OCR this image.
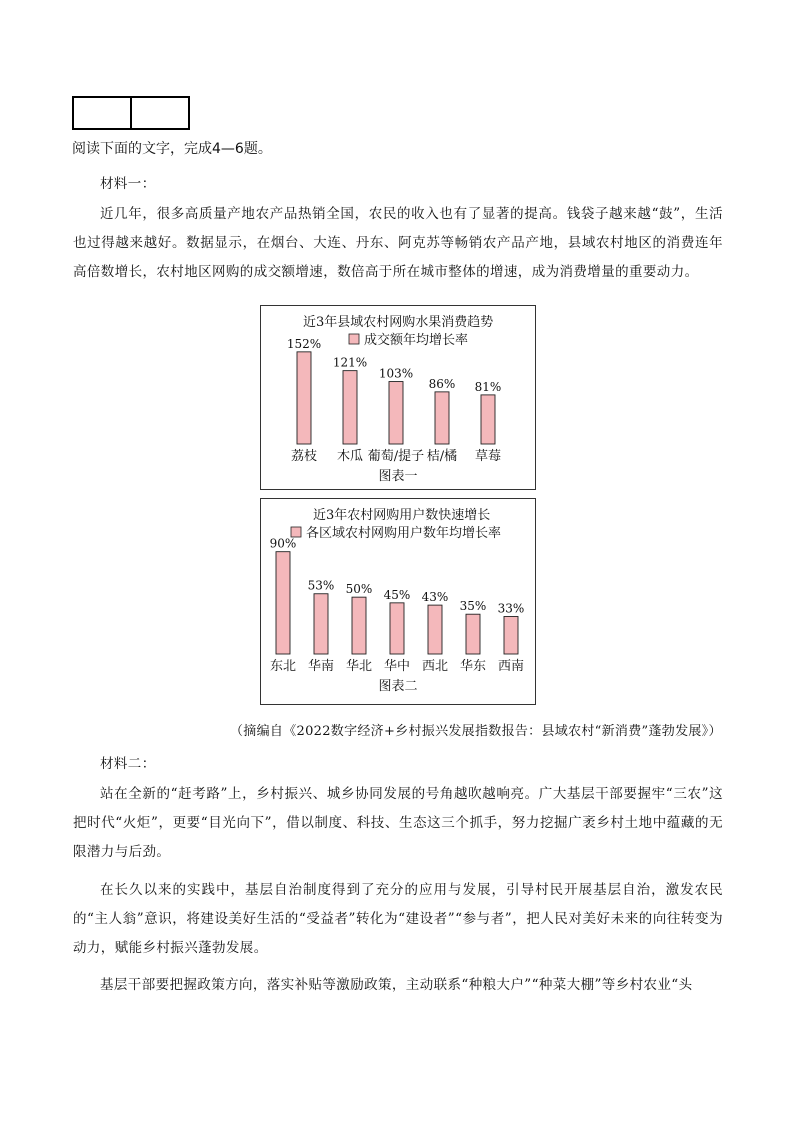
阅读下面的文字，完成4—6题。
材料一：
近几年，很多高质量产地农产品热销全国，农民的收入也有了显著的提高。钱袋子越来越“鼓”，生活也过得越来越好。数据显示，在烟台、大连、丹东、阿克苏等畅销农产品产地，县域农村地区的消费连年高倍数增长，农村地区网购的成交额增速，数倍高于所在城市整体的增速，成为消费增量的重要动力。
近3年县域农村网购水果消费趋势
成交额年均增长率
152%
荔枝
121%
木瓜
103%
葡萄/提子
86%
桔/橘
81%
草莓
图表一
近3年农村网购用户数快速增长
各区域农村网购用户数年均增长率
90%
东北
53%
华南
50%
华北
45%
华中
43%
西北
35%
华东
33%
西南
图表二
（摘编自《2022数字经济+乡村振兴发展指数报告：县域农村“新消费”蓬勃发展》）
材料二：
站在全新的“赶考路”上，乡村振兴、城乡协同发展的号角越吹越响亮。广大基层干部要握牢“三农”这把时代“火炬”，更要“目光向下”，借以制度、科技、生态这三个抓手，努力挖掘广袤乡村土地中蕴藏的无限潜力与后劲。
在长久以来的实践中，基层自治制度得到了充分的应用与发展，引导村民开展基层自治，激发农民的“主人翁”意识，将建设美好生活的“受益者”转化为“建设者”“参与者”，把人民对美好未来的向往转变为动力，赋能乡村振兴蓬勃发展。
基层干部要把握政策方向，落实补贴等激励政策，主动联系“种粮大户”“种菜大棚”等乡村农业“头
